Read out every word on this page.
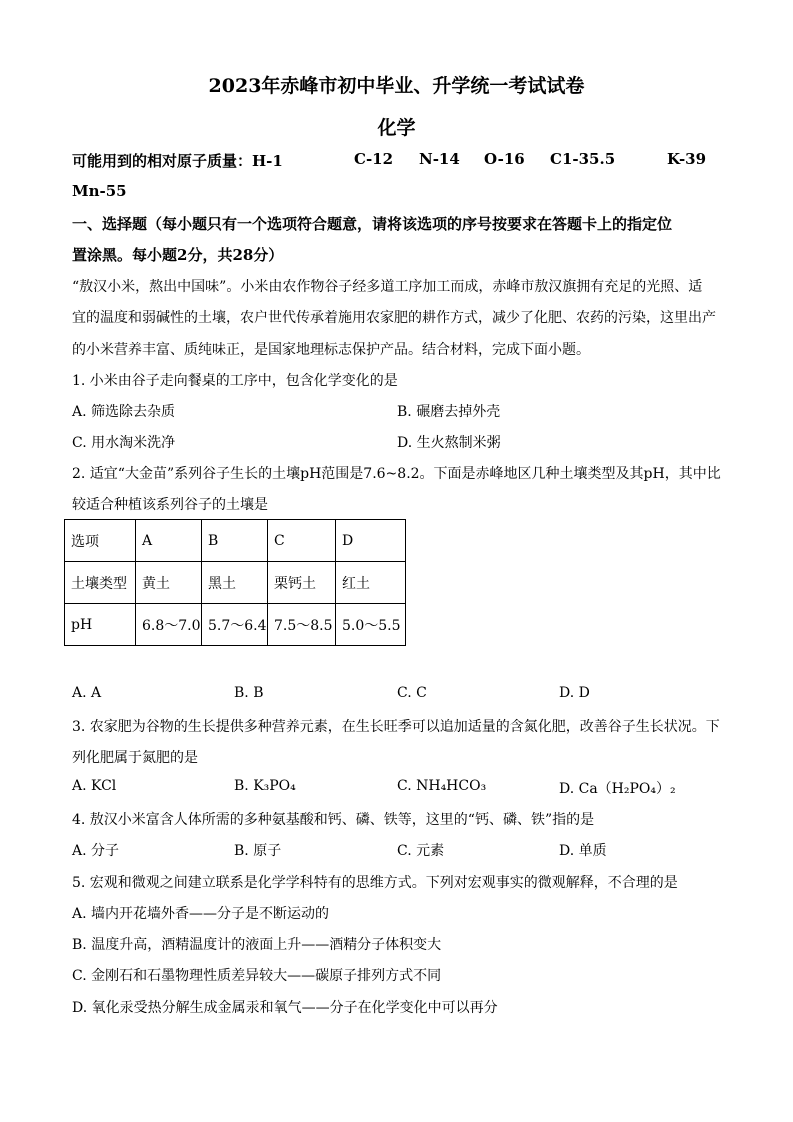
2023年赤峰市初中毕业、升学统一考试试卷
化学
可能用到的相对原子质量：H-1	C-12 N-14 O-16 C1-35.5	K-39
Mn-55
一、选择题（每小题只有一个选项符合题意，请将该选项的序号按要求在答题卡上的指定位
置涂黑。每小题2分，共28分）
“敖汉小米，熬出中国味”。小米由农作物谷子经多道工序加工而成，赤峰市敖汉旗拥有充足的光照、适
宜的温度和弱碱性的土壤，农户世代传承着施用农家肥的耕作方式，减少了化肥、农药的污染，这里出产
的小米营养丰富、质纯味正，是国家地理标志保护产品。结合材料，完成下面小题。
1. 小米由谷子走向餐桌的工序中，包含化学变化的是
A. 筛选除去杂质	B. 碾磨去掉外壳
C. 用水淘米洗净	D. 生火熬制米粥
2. 适宜“大金苗”系列谷子生长的土壤pH范围是7.6~8.2。下面是赤峰地区几种土壤类型及其pH，其中比
较适合种植该系列谷子的土壤是
选项	A	B	C	D
土壤类型	黄土	黑土	栗钙土	红土
pH	6.8～7.0	5.7～6.4	7.5～8.5	5.0～5.5
A. A	B. B	C. C	D. D
3. 农家肥为谷物的生长提供多种营养元素，在生长旺季可以追加适量的含氮化肥，改善谷子生长状况。下
列化肥属于氮肥的是
A. KCl	B. K₃PO₄	C. NH₄HCO₃	D. Ca（H₂PO₄）₂
4. 敖汉小米富含人体所需的多种氨基酸和钙、磷、铁等，这里的“钙、磷、铁”指的是
A. 分子	B. 原子	C. 元素	D. 单质
5. 宏观和微观之间建立联系是化学学科特有的思维方式。下列对宏观事实的微观解释，不合理的是
A. 墙内开花墙外香——分子是不断运动的
B. 温度升高，酒精温度计的液面上升——酒精分子体积变大
C. 金刚石和石墨物理性质差异较大——碳原子排列方式不同
D. 氧化汞受热分解生成金属汞和氧气——分子在化学变化中可以再分
